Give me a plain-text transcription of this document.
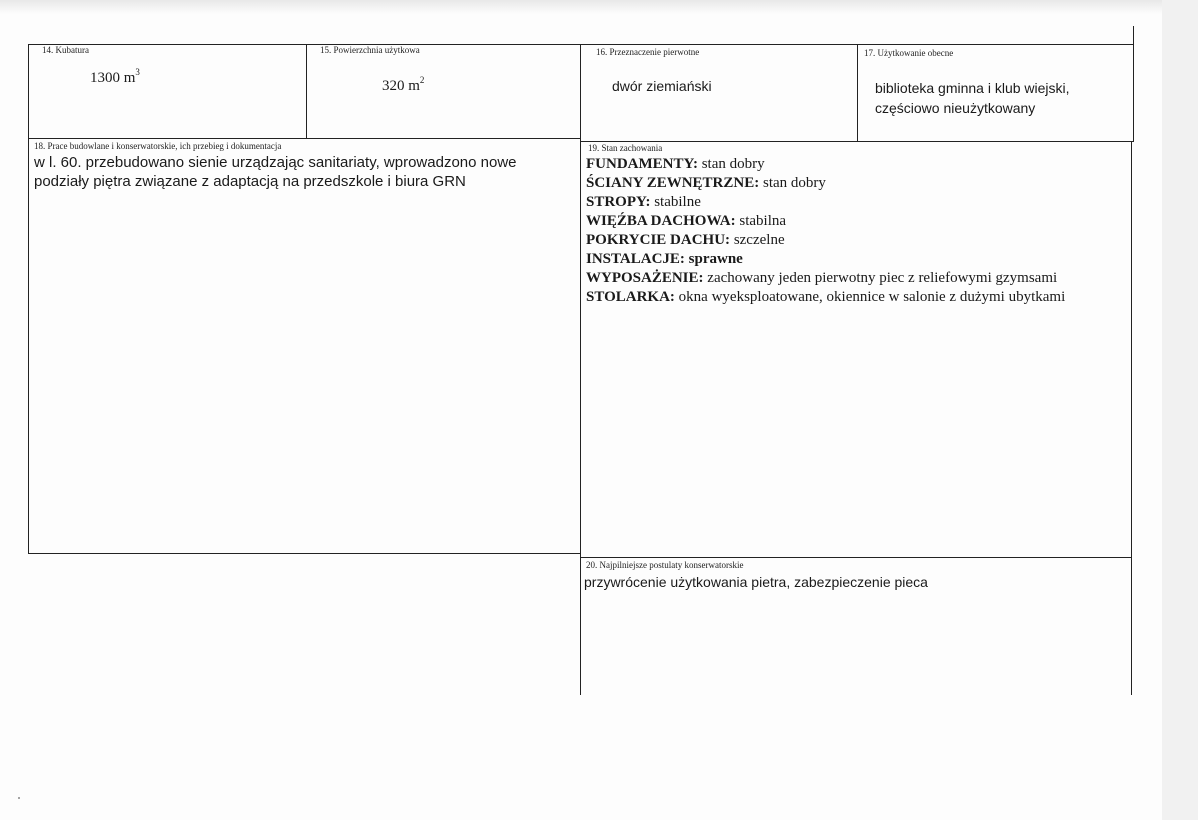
14. Kubatura
1300 $m^3$
15. Powierzchnia użytkowa
320 $m^2$
16. Przeznaczenie pierwotne
dwór ziemiański
17. Użytkowanie obecne
biblioteka gminna i klub wiejski,
częściowo nieużytkowany
18. Prace budowlane i konserwatorskie, ich przebieg i dokumentacja
w l. 60. przebudowano sienie urządzając sanitariaty, wprowadzono nowe
podziały piętra związane z adaptacją na przedszkole i biura GRN
19. Stan zachowania
FUNDAMENTY: stan dobry
ŚCIANY ZEWNĘTRZNE: stan dobry
STROPY: stabilne
WIĘŹBA DACHOWA: stabilna
POKRYCIE DACHU: szczelne
INSTALACJE: sprawne
WYPOSAŻENIE: zachowany jeden pierwotny piec z reliefowymi gzymsami
STOLARKA: okna wyeksploatowane, okiennice w salonie z dużymi ubytkami
20. Najpilniejsze postulaty konserwatorskie
przywrócenie użytkowania pietra, zabezpieczenie pieca
